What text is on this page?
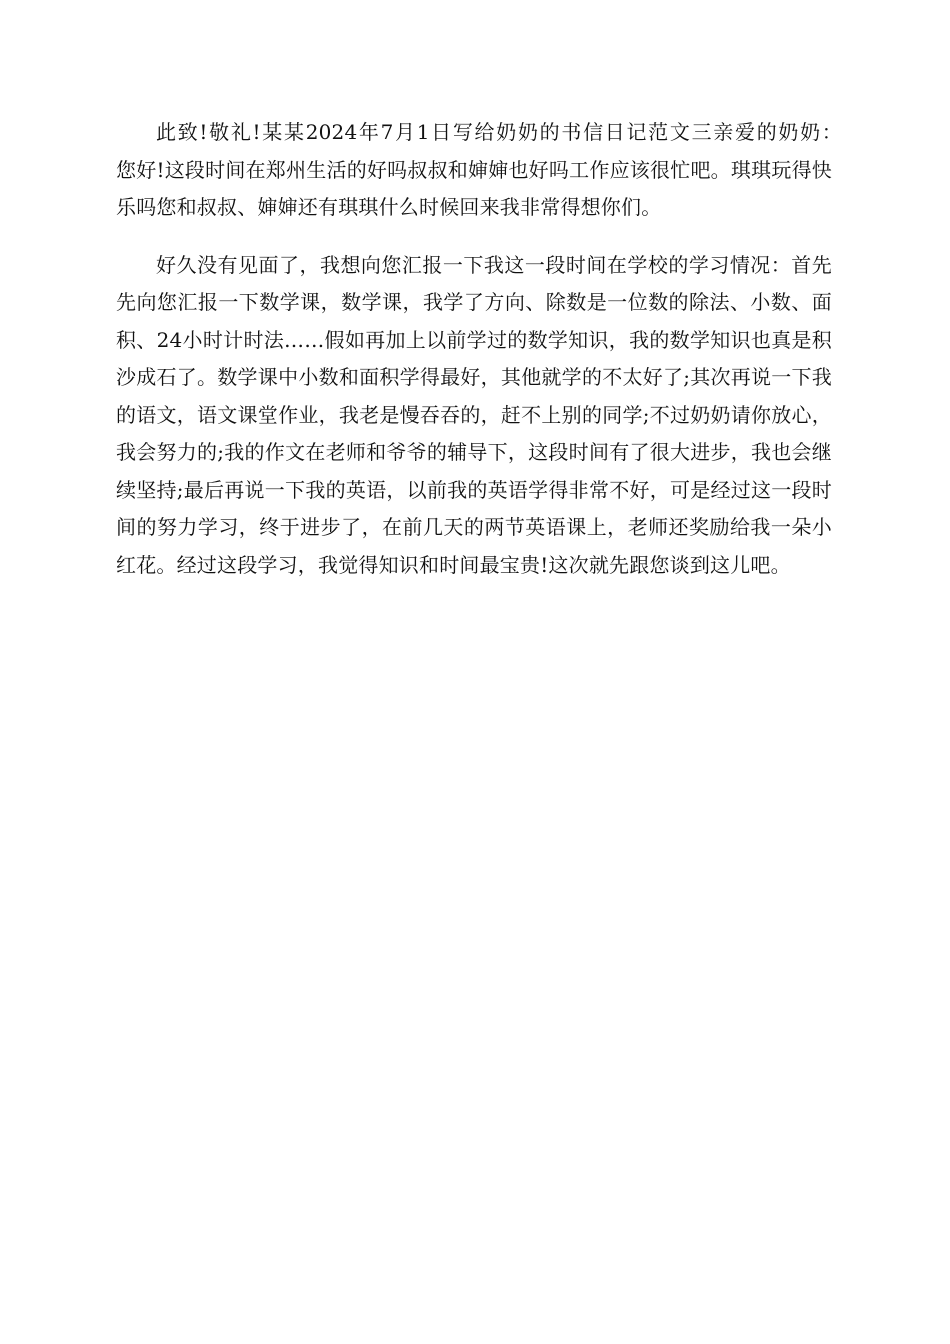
此致!敬礼!某某2024年7月1日写给奶奶的书信日记范文三亲爱的奶奶：　　您好!这段时间在郑州生活的好吗叔叔和婶婶也好吗工作应该很忙吧。琪琪玩得快乐吗您和叔叔、婶婶还有琪琪什么时候回来我非常得想你们。

好久没有见面了，我想向您汇报一下我这一段时间在学校的学习情况：首先先向您汇报一下数学课，数学课，我学了方向、除数是一位数的除法、小数、面积、24小时计时法……假如再加上以前学过的数学知识，我的数学知识也真是积沙成石了。数学课中小数和面积学得最好，其他就学的不太好了;其次再说一下我的语文，语文课堂作业，我老是慢吞吞的，赶不上别的同学;不过奶奶请你放心，我会努力的;我的作文在老师和爷爷的辅导下，这段时间有了很大进步，我也会继续坚持;最后再说一下我的英语，以前我的英语学得非常不好，可是经过这一段时间的努力学习，终于进步了，在前几天的两节英语课上，老师还奖励给我一朵小红花。经过这段学习，我觉得知识和时间最宝贵!这次就先跟您谈到这儿吧。
